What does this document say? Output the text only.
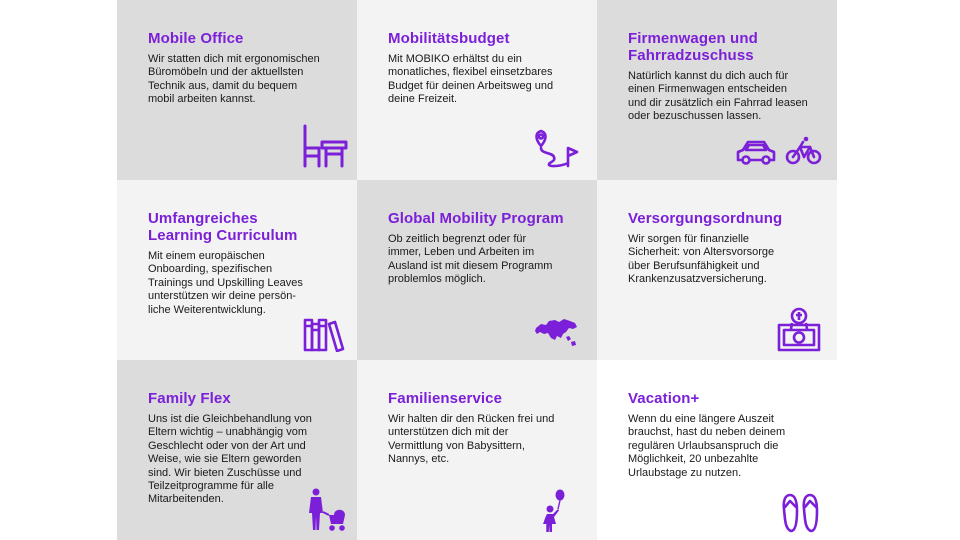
Mobile Office

Wir statten dich mit ergonomischen
Büromöbeln und der aktuellsten
Technik aus, damit du bequem
mobil arbeiten kannst.

Mobilitätsbudget

Mit MOBIKO erhältst du ein
monatliches, flexibel einsetzbares
Budget für deinen Arbeitsweg und
deine Freizeit.

Firmenwagen und
Fahrradzuschuss

Natürlich kannst du dich auch für
einen Firmenwagen entscheiden
und dir zusätzlich ein Fahrrad leasen
oder bezuschussen lassen.

Umfangreiches
Learning Curriculum

Mit einem europäischen
Onboarding, spezifischen
Trainings und Upskilling Leaves
unterstützen wir deine persön-
liche Weiterentwicklung.

Global Mobility Program

Ob zeitlich begrenzt oder für
immer, Leben und Arbeiten im
Ausland ist mit diesem Programm
problemlos möglich.

Versorgungsordnung

Wir sorgen für finanzielle
Sicherheit: von Altersvorsorge
über Berufsunfähigkeit und
Krankenzusatzversicherung.

Family Flex

Uns ist die Gleichbehandlung von
Eltern wichtig – unabhängig vom
Geschlecht oder von der Art und
Weise, wie sie Eltern geworden
sind. Wir bieten Zuschüsse und
Teilzeitprogramme für alle
Mitarbeitenden.

Familienservice

Wir halten dir den Rücken frei und
unterstützen dich mit der
Vermittlung von Babysittern,
Nannys, etc.

Vacation+

Wenn du eine längere Auszeit
brauchst, hast du neben deinem
regulären Urlaubsanspruch die
Möglichkeit, 20 unbezahlte
Urlaubstage zu nutzen.
